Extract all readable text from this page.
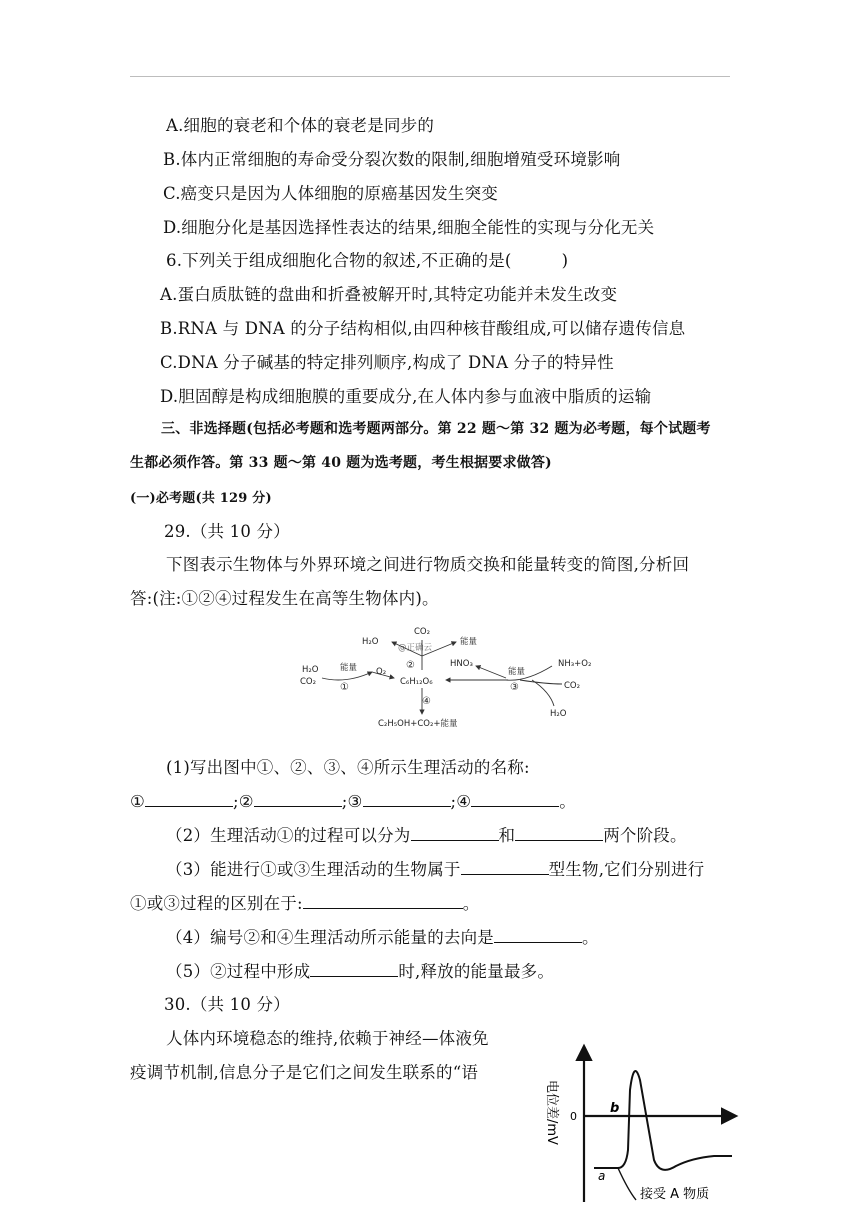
A.细胞的衰老和个体的衰老是同步的
B.体内正常细胞的寿命受分裂次数的限制,细胞增殖受环境影响
C.癌变只是因为人体细胞的原癌基因发生突变
D.细胞分化是基因选择性表达的结果,细胞全能性的实现与分化无关
6.下列关于组成细胞化合物的叙述,不正确的是(　　　)
A.蛋白质肽链的盘曲和折叠被解开时,其特定功能并未发生改变
B.RNA 与 DNA 的分子结构相似,由四种核苷酸组成,可以储存遗传信息
C.DNA 分子碱基的特定排列顺序,构成了 DNA 分子的特异性
D.胆固醇是构成细胞膜的重要成分,在人体内参与血液中脂质的运输
三、非选择题(包括必考题和选考题两部分。第 22 题～第 32 题为必考题，每个试题考
生都必须作答。第 33 题～第 40 题为选考题，考生根据要求做答)
(一)必考题(共 129 分)
29.（共 10 分）
下图表示生物体与外界环境之间进行物质交换和能量转变的简图,分析回
答:(注:①②④过程发生在高等生物体内)。
H₂O
CO₂
能量 O₂
①	C₆H₁₂O₆
CO₂
H₂O	能量
@正确云
②
④
C₂H₅OH+CO₂+能量
HNO₃
能量
NH₃+O₂
CO₂
③
H₂O
(1)写出图中①、②、③、④所示生理活动的名称:
①	;②	;③	;④	。
（2）生理活动①的过程可以分为	和	两个阶段。
（3）能进行①或③生理活动的生物属于	型生物,它们分别进行
①或③过程的区别在于:	。
（4）编号②和④生理活动所示能量的去向是	。
（5）②过程中形成	时,释放的能量最多。
30.（共 10 分）
人体内环境稳态的维持,依赖于神经—体液免
疫调节机制,信息分子是它们之间发生联系的“语
电位差/mV 0
a
b
接受 A 物质
